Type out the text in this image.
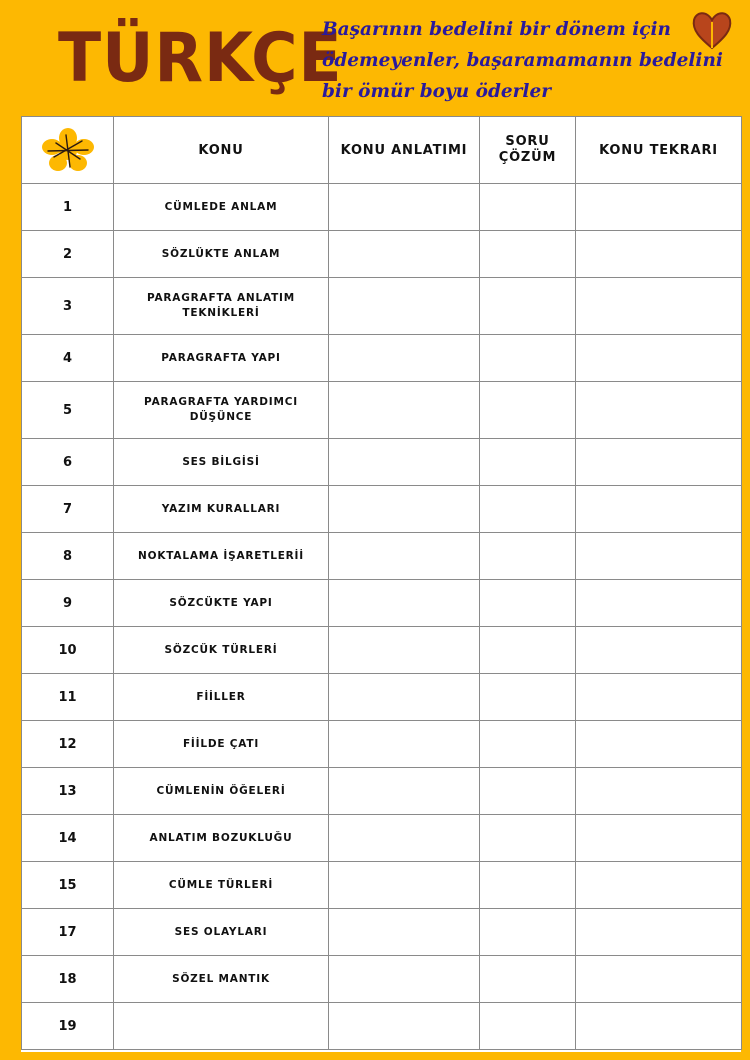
TÜRKÇE
Başarının bedelini bir dönem için ödemeyenler, başaramamanın bedelini bir ömür boyu öderler
	KONU	KONU ANLATIMI	SORU ÇÖZÜM	KONU TEKRARI
1	CÜMLEDE ANLAM			
2	SÖZLÜKTE ANLAM			
3	PARAGRAFTA ANLATIM TEKNİKLERİ			
4	PARAGRAFTA YAPI			
5	PARAGRAFTA YARDIMCI DÜŞÜNCE			
6	SES BİLGİSİ			
7	YAZIM KURALLARI			
8	NOKTALAMA İŞARETLERİİ			
9	SÖZCÜKTE YAPI			
10	SÖZCÜK TÜRLERİ			
11	FİİLLER			
12	FİİLDE ÇATI			
13	CÜMLENİN ÖĞELERİ			
14	ANLATIM BOZUKLUĞU			
15	CÜMLE TÜRLERİ			
17	SES OLAYLARI			
18	SÖZEL MANTIK			
19				
